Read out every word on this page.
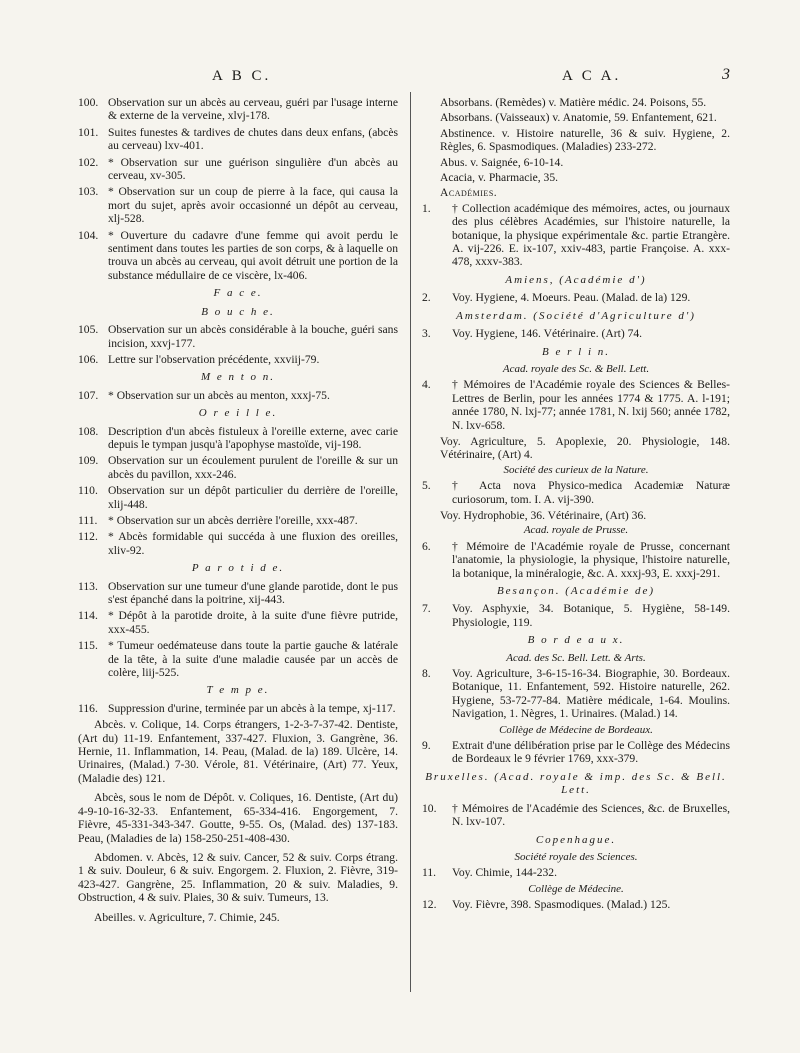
A B C.	A C A.	3
100. Observation sur un abcès au cerveau, guéri par l'usage interne & externe de la verveine, xlvj-178.
101. Suites funestes & tardives de chutes dans deux enfans, (abcès au cerveau) lxv-401.
102. * Observation sur une guérison singulière d'un abcès au cerveau, xv-305.
103. * Observation sur un coup de pierre à la face, qui causa la mort du sujet, après avoir occasionné un dépôt au cerveau, xlj-528.
104. * Ouverture du cadavre d'une femme qui avoit perdu le sentiment dans toutes les parties de son corps, & à laquelle on trouva un abcès au cerveau, qui avoit détruit une portion de la substance médullaire de ce viscère, lx-406.
F a c e.
B o u c h e.
105. Observation sur un abcès considérable à la bouche, guéri sans incision, xxvj-177.
106. Lettre sur l'observation précédente, xxviij-79.
M e n t o n.
107. * Observation sur un abcès au menton, xxxj-75.
O r e i l l e.
108. Description d'un abcès fistuleux à l'oreille externe, avec carie depuis le tympan jusqu'à l'apophyse mastoïde, vij-198.
109. Observation sur un écoulement purulent de l'oreille & sur un abcès du pavillon, xxx-246.
110. Observation sur un dépôt particulier du derrière de l'oreille, xlij-448.
111. * Observation sur un abcès derrière l'oreille, xxx-487.
112. * Abcès formidable qui succéda à une fluxion des oreilles, xliv-92.
P a r o t i d e.
113. Observation sur une tumeur d'une glande parotide, dont le pus s'est épanché dans la poitrine, xij-443.
114. * Dépôt à la parotide droite, à la suite d'une fièvre putride, xxx-455.
115. * Tumeur oedémateuse dans toute la partie gauche & latérale de la tête, à la suite d'une maladie causée par un accès de colère, liij-525.
T e m p e.
116. Suppression d'urine, terminée par un abcès à la tempe, xj-117.
Abcès. v. Colique, 14. Corps étrangers, 1-2-3-7-37-42. Dentiste, (Art du) 11-19. Enfantement, 337-427. Fluxion, 3. Gangrène, 36. Hernie, 11. Inflammation, 14. Peau, (Malad. de la) 189. Ulcère, 14. Urinaires, (Malad.) 7-30. Vérole, 81. Vétérinaire, (Art) 77. Yeux, (Maladie des) 121.
Abcès, sous le nom de Dépôt. v. Coliques, 16. Dentiste, (Art du) 4-9-10-16-32-33. Enfantement, 65-334-416. Engorgement, 7. Fièvre, 45-331-343-347. Goutte, 9-55. Os, (Malad. des) 137-183. Peau, (Maladies de la) 158-250-251-408-430.
Abdomen. v. Abcès, 12 & suiv. Cancer, 52 & suiv. Corps étrang. 1 & suiv. Douleur, 6 & suiv. Engorgem. 2. Fluxion, 2. Fièvre, 319-423-427. Gangrène, 25. Inflammation, 20 & suiv. Maladies, 9. Obstruction, 4 & suiv. Plaies, 30 & suiv. Tumeurs, 13.
Abeilles. v. Agriculture, 7. Chimie, 245.
Absorbans. (Remèdes) v. Matière médic. 24. Poisons, 55.
Absorbans. (Vaisseaux) v. Anatomie, 59. Enfantement, 621.
Abstinence. v. Histoire naturelle, 36 & suiv. Hygiene, 2. Règles, 6. Spasmodiques. (Maladies) 233-272.
Abus. v. Saignée, 6-10-14.
Acacia, v. Pharmacie, 35.
Académies.
1.	† Collection académique des mémoires, actes, ou journaux des plus célèbres Académies, sur l'histoire naturelle, la botanique, la physique expérimentale &c. partie Etrangère. A. vij-226. E. ix-107, xxiv-483, partie Françoise. A. xxx-478, xxxv-383.
Amiens, (Académie d')
2.	Voy. Hygiene, 4. Moeurs. Peau. (Malad. de la) 129.
Amsterdam. (Société d'Agriculture d')
3.	Voy. Hygiene, 146. Vétérinaire. (Art) 74.
B e r l i n.
Acad. royale des Sc. & Bell. Lett.
4.	† Mémoires de l'Académie royale des Sciences & Belles-Lettres de Berlin, pour les années 1774 & 1775. A. l-191; année 1780, N. lxj-77; année 1781, N. lxij 560; année 1782, N. lxv-658.
Voy. Agriculture, 5. Apoplexie, 20. Physiologie, 148. Vétérinaire, (Art) 4.
Société des curieux de la Nature.
5.	† Acta nova Physico-medica Academiæ Naturæ curiosorum, tom. I. A. vij-390.
Voy. Hydrophobie, 36. Vétérinaire, (Art) 36.
Acad. royale de Prusse.
6.	† Mémoire de l'Académie royale de Prusse, concernant l'anatomie, la physiologie, la physique, l'histoire naturelle, la botanique, la minéralogie, &c. A. xxxj-93, E. xxxj-291.
Besançon. (Académie de)
7.	Voy. Asphyxie, 34. Botanique, 5. Hygiène, 58-149. Physiologie, 119.
B o r d e a u x.
Acad. des Sc. Bell. Lett. & Arts.
8.	Voy. Agriculture, 3-6-15-16-34. Biographie, 30. Bordeaux. Botanique, 11. Enfantement, 592. Histoire naturelle, 262. Hygiene, 53-72-77-84. Matière médicale, 1-64. Moulins. Navigation, 1. Nègres, 1. Urinaires. (Malad.) 14.
Collège de Médecine de Bordeaux.
9.	Extrait d'une délibération prise par le Collège des Médecins de Bordeaux le 9 février 1769, xxx-379.
Bruxelles. (Acad. royale & imp. des Sc. & Bell. Lett.
10.	† Mémoires de l'Académie des Sciences, &c. de Bruxelles, N. lxv-107.
Copenhague.
Société royale des Sciences.
11.	Voy. Chimie, 144-232.
Collège de Médecine.
12.	Voy. Fièvre, 398. Spasmodiques. (Malad.) 125.
